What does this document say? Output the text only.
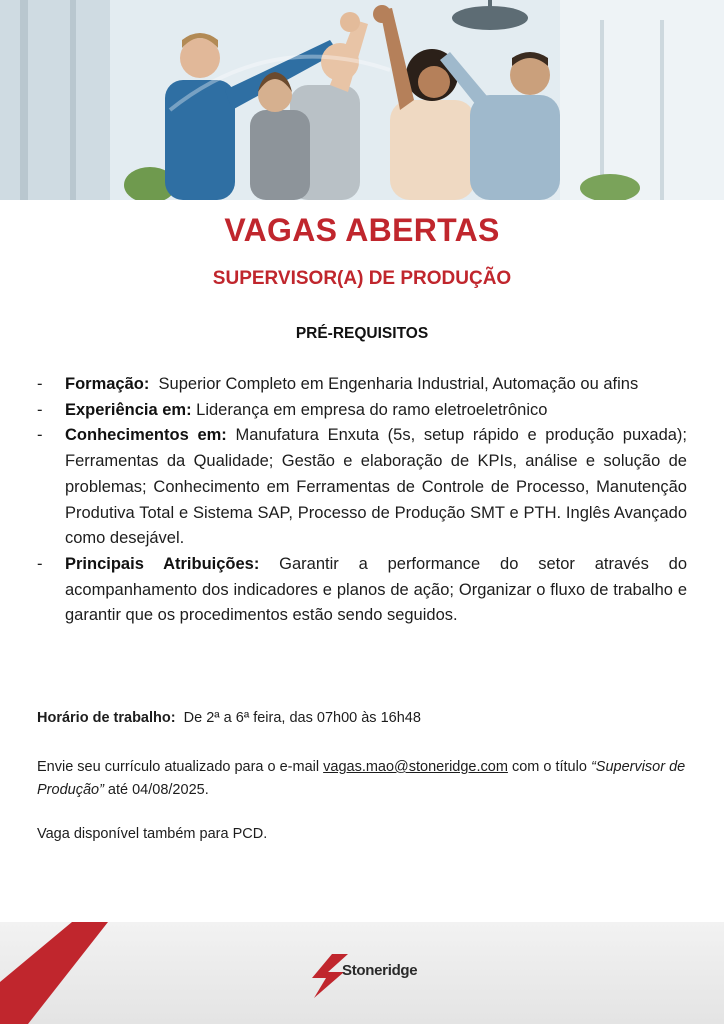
VAGAS ABERTAS
SUPERVISOR(A) DE PRODUÇÃO

PRÉ-REQUISITOS

- Formação:  Superior Completo em Engenharia Industrial, Automação ou afins
- Experiência em: Liderança em empresa do ramo eletroeletrônico
- Conhecimentos em: Manufatura Enxuta (5s, setup rápido e produção puxada); Ferramentas da Qualidade; Gestão e elaboração de KPIs, análise e solução de problemas; Conhecimento em Ferramentas de Controle de Processo, Manutenção Produtiva Total e Sistema SAP, Processo de Produção SMT e PTH. Inglês Avançado como desejável.
- Principais Atribuições: Garantir a performance do setor através do acompanhamento dos indicadores e planos de ação; Organizar o fluxo de trabalho e garantir que os procedimentos estão sendo seguidos.

Horário de trabalho:  De 2ª a 6ª feira, das 07h00 às 16h48

Envie seu currículo atualizado para o e-mail vagas.mao@stoneridge.com com o título “Supervisor de Produção” até 04/08/2025.

Vaga disponível também para PCD.

Stoneridge
